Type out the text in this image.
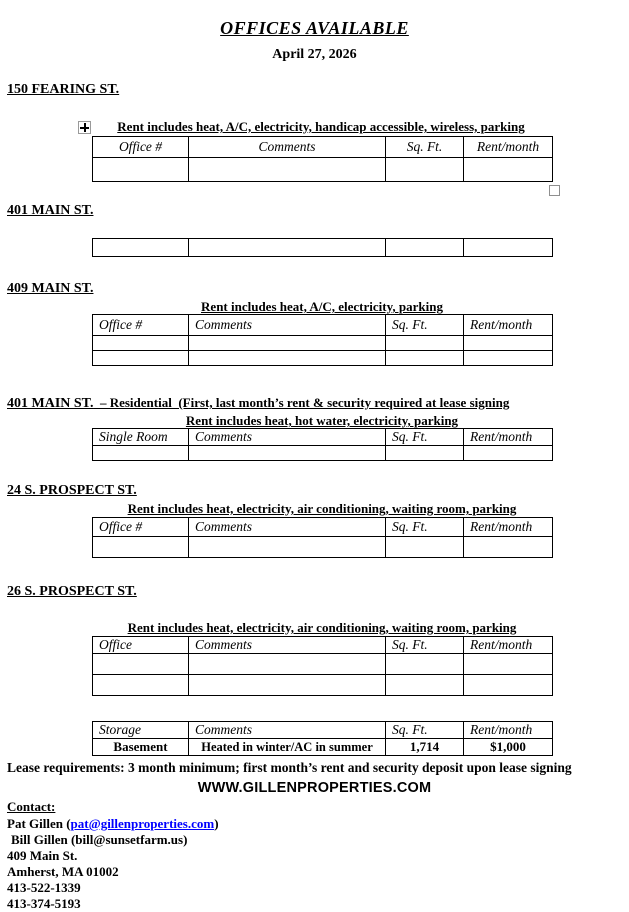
OFFICES AVAILABLE
April 27, 2026
150 FEARING ST.
Rent includes heat, A/C, electricity, handicap accessible, wireless, parking
Office #	Comments	Sq. Ft.	Rent/month

401 MAIN ST.

409 MAIN ST.
Rent includes heat, A/C, electricity, parking
Office #	Comments	Sq. Ft.	Rent/month

401 MAIN ST.  – Residential  (First, last month’s rent & security required at lease signing
Rent includes heat, hot water, electricity, parking
Single Room	Comments	Sq. Ft.	Rent/month

24 S. PROSPECT ST.
Rent includes heat, electricity, air conditioning, waiting room, parking
Office #	Comments	Sq. Ft.	Rent/month

26 S. PROSPECT ST.
Rent includes heat, electricity, air conditioning, waiting room, parking
Office	Comments	Sq. Ft.	Rent/month

Storage	Comments	Sq. Ft.	Rent/month
Basement	Heated in winter/AC in summer	1,714	$1,000
Lease requirements: 3 month minimum; first month’s rent and security deposit upon lease signing
WWW.GILLENPROPERTIES.COM
Contact:
Pat Gillen (pat@gillenproperties.com)
Bill Gillen (bill@sunsetfarm.us)
409 Main St.
Amherst, MA 01002
413-522-1339
413-374-5193
